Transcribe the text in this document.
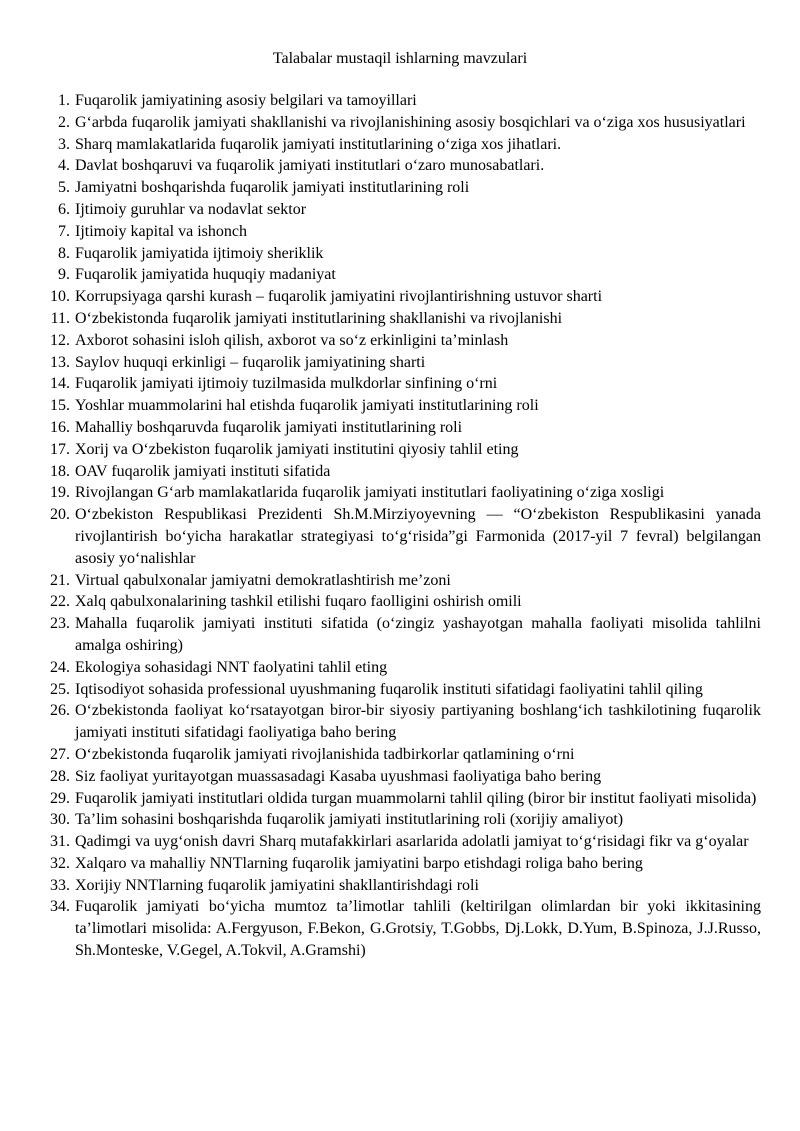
Talabalar mustaqil ishlarning mavzulari
1. Fuqarolik jamiyatining asosiy belgilari va tamoyillari
2. G‘arbda fuqarolik jamiyati shakllanishi va rivojlanishining asosiy bosqichlari va o‘ziga xos hususiyatlari
3. Sharq mamlakatlarida fuqarolik jamiyati institutlarining o‘ziga xos jihatlari.
4. Davlat boshqaruvi va fuqarolik jamiyati institutlari o‘zaro munosabatlari.
5. Jamiyatni boshqarishda fuqarolik jamiyati institutlarining roli
6. Ijtimoiy guruhlar va nodavlat sektor
7. Ijtimoiy kapital va ishonch
8. Fuqarolik jamiyatida ijtimoiy sheriklik
9. Fuqarolik jamiyatida huquqiy madaniyat
10. Korrupsiyaga qarshi kurash – fuqarolik jamiyatini rivojlantirishning ustuvor sharti
11. O‘zbekistonda fuqarolik jamiyati institutlarining shakllanishi va rivojlanishi
12. Axborot sohasini isloh qilish, axborot va so‘z erkinligini ta’minlash
13. Saylov huquqi erkinligi – fuqarolik jamiyatining sharti
14. Fuqarolik jamiyati ijtimoiy tuzilmasida mulkdorlar sinfining o‘rni
15. Yoshlar muammolarini hal etishda fuqarolik jamiyati institutlarining roli
16. Mahalliy boshqaruvda fuqarolik jamiyati institutlarining roli
17. Xorij va O‘zbekiston fuqarolik jamiyati institutini qiyosiy tahlil eting
18. OAV fuqarolik jamiyati instituti sifatida
19. Rivojlangan G‘arb mamlakatlarida fuqarolik jamiyati institutlari faoliyatining o‘ziga xosligi
20. O‘zbekiston Respublikasi Prezidenti Sh.M.Mirziyoyevning — “O‘zbekiston Respublikasini yanada rivojlantirish bo‘yicha harakatlar strategiyasi to‘g‘risida”gi Farmonida (2017-yil 7 fevral) belgilangan asosiy yo‘nalishlar
21. Virtual qabulxonalar jamiyatni demokratlashtirish me’zoni
22. Xalq qabulxonalarining tashkil etilishi fuqaro faolligini oshirish omili
23. Mahalla fuqarolik jamiyati instituti sifatida (o‘zingiz yashayotgan mahalla faoliyati misolida tahlilni amalga oshiring)
24. Ekologiya sohasidagi NNT faolyatini tahlil eting
25. Iqtisodiyot sohasida professional uyushmaning fuqarolik instituti sifatidagi faoliyatini tahlil qiling
26. O‘zbekistonda faoliyat ko‘rsatayotgan biror-bir siyosiy partiyaning boshlang‘ich tashkilotining fuqarolik jamiyati instituti sifatidagi faoliyatiga baho bering
27. O‘zbekistonda fuqarolik jamiyati rivojlanishida tadbirkorlar qatlamining o‘rni
28. Siz faoliyat yuritayotgan muassasadagi Kasaba uyushmasi faoliyatiga baho bering
29. Fuqarolik jamiyati institutlari oldida turgan muammolarni tahlil qiling (biror bir institut faoliyati misolida)
30. Ta’lim sohasini boshqarishda fuqarolik jamiyati institutlarining roli (xorijiy amaliyot)
31. Qadimgi va uyg‘onish davri Sharq mutafakkirlari asarlarida adolatli jamiyat to‘g‘risidagi fikr va g‘oyalar
32. Xalqaro va mahalliy NNTlarning fuqarolik jamiyatini barpo etishdagi roliga baho bering
33. Xorijiy NNTlarning fuqarolik jamiyatini shakllantirishdagi roli
34. Fuqarolik jamiyati bo‘yicha mumtoz ta’limotlar tahlili (keltirilgan olimlardan bir yoki ikkitasining ta’limotlari misolida: A.Fergyuson, F.Bekon, G.Grotsiy, T.Gobbs, Dj.Lokk, D.Yum, B.Spinoza, J.J.Russo, Sh.Monteske, V.Gegel, A.Tokvil, A.Gramshi)
